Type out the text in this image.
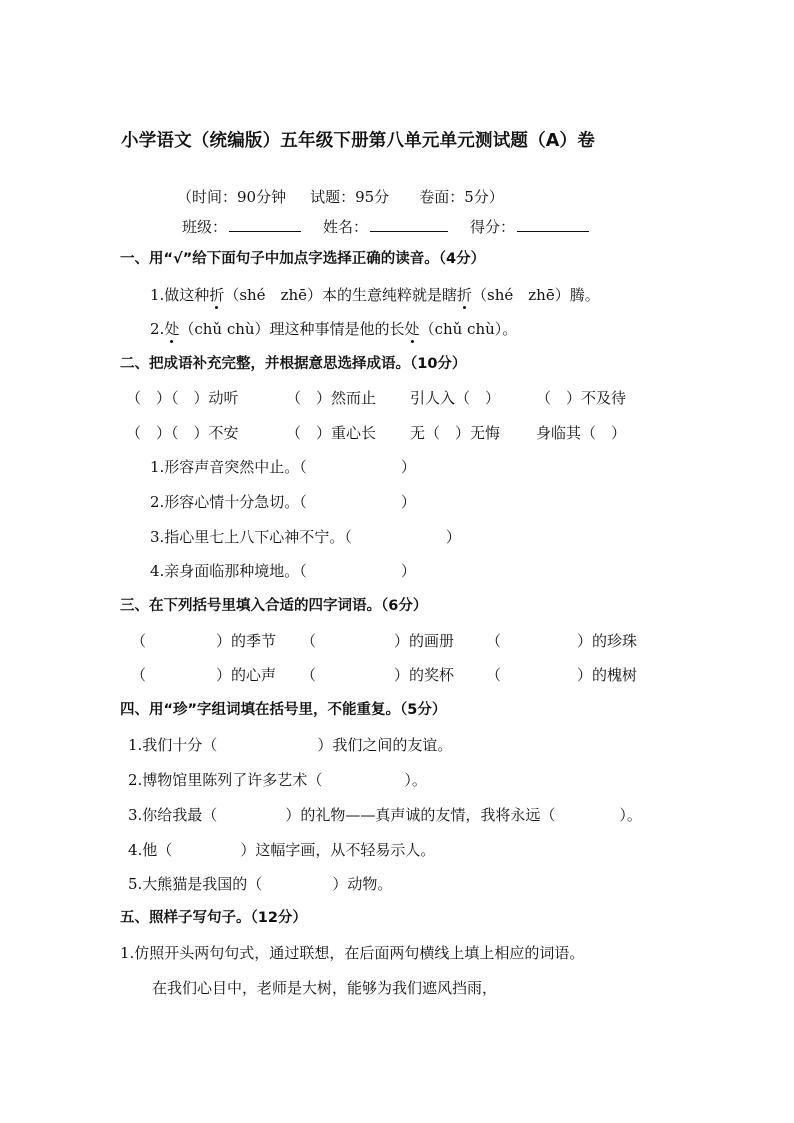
小学语文（统编版）五年级下册第八单元单元测试题（A）卷
（时间：90分钟 试题：95分 卷面：5分）
班级：	姓名：	得分：
一、用“√”给下面句子中加点字选择正确的读音。（4分）
1.做这种折（shé　zhē）本的生意纯粹就是瞎折（shé　zhē）腾。
2.处（chǔ chù）理这种事情是他的长处（chǔ chù）。
二、把成语补充完整，并根据意思选择成语。（10分）
（　）（　）动听	（　）然而止 引人入（　） （　）不及待
（　）（　）不安	（　）重心长 无（　）无悔 身临其（　）
1.形容声音突然中止。（	）
2.形容心情十分急切。（	）
3.指心里七上八下心神不宁。（	）
4.亲身面临那种境地。（	）
三、在下列括号里填入合适的四字词语。（6分）
（	）的季节 （	）的画册 （	）的珍珠
（	）的心声 （	）的奖杯 （	）的槐树
四、用“珍”字组词填在括号里，不能重复。（5分）
1.我们十分（	）我们之间的友谊。
2.博物馆里陈列了许多艺术（	）。
3.你给我最（	）的礼物——真声诚的友情，我将永远（	）。
4.他（	）这幅字画，从不轻易示人。
5.大熊猫是我国的（	）动物。
五、照样子写句子。（12分）
1.仿照开头两句句式，通过联想，在后面两句横线上填上相应的词语。
在我们心目中，老师是大树，能够为我们遮风挡雨，
